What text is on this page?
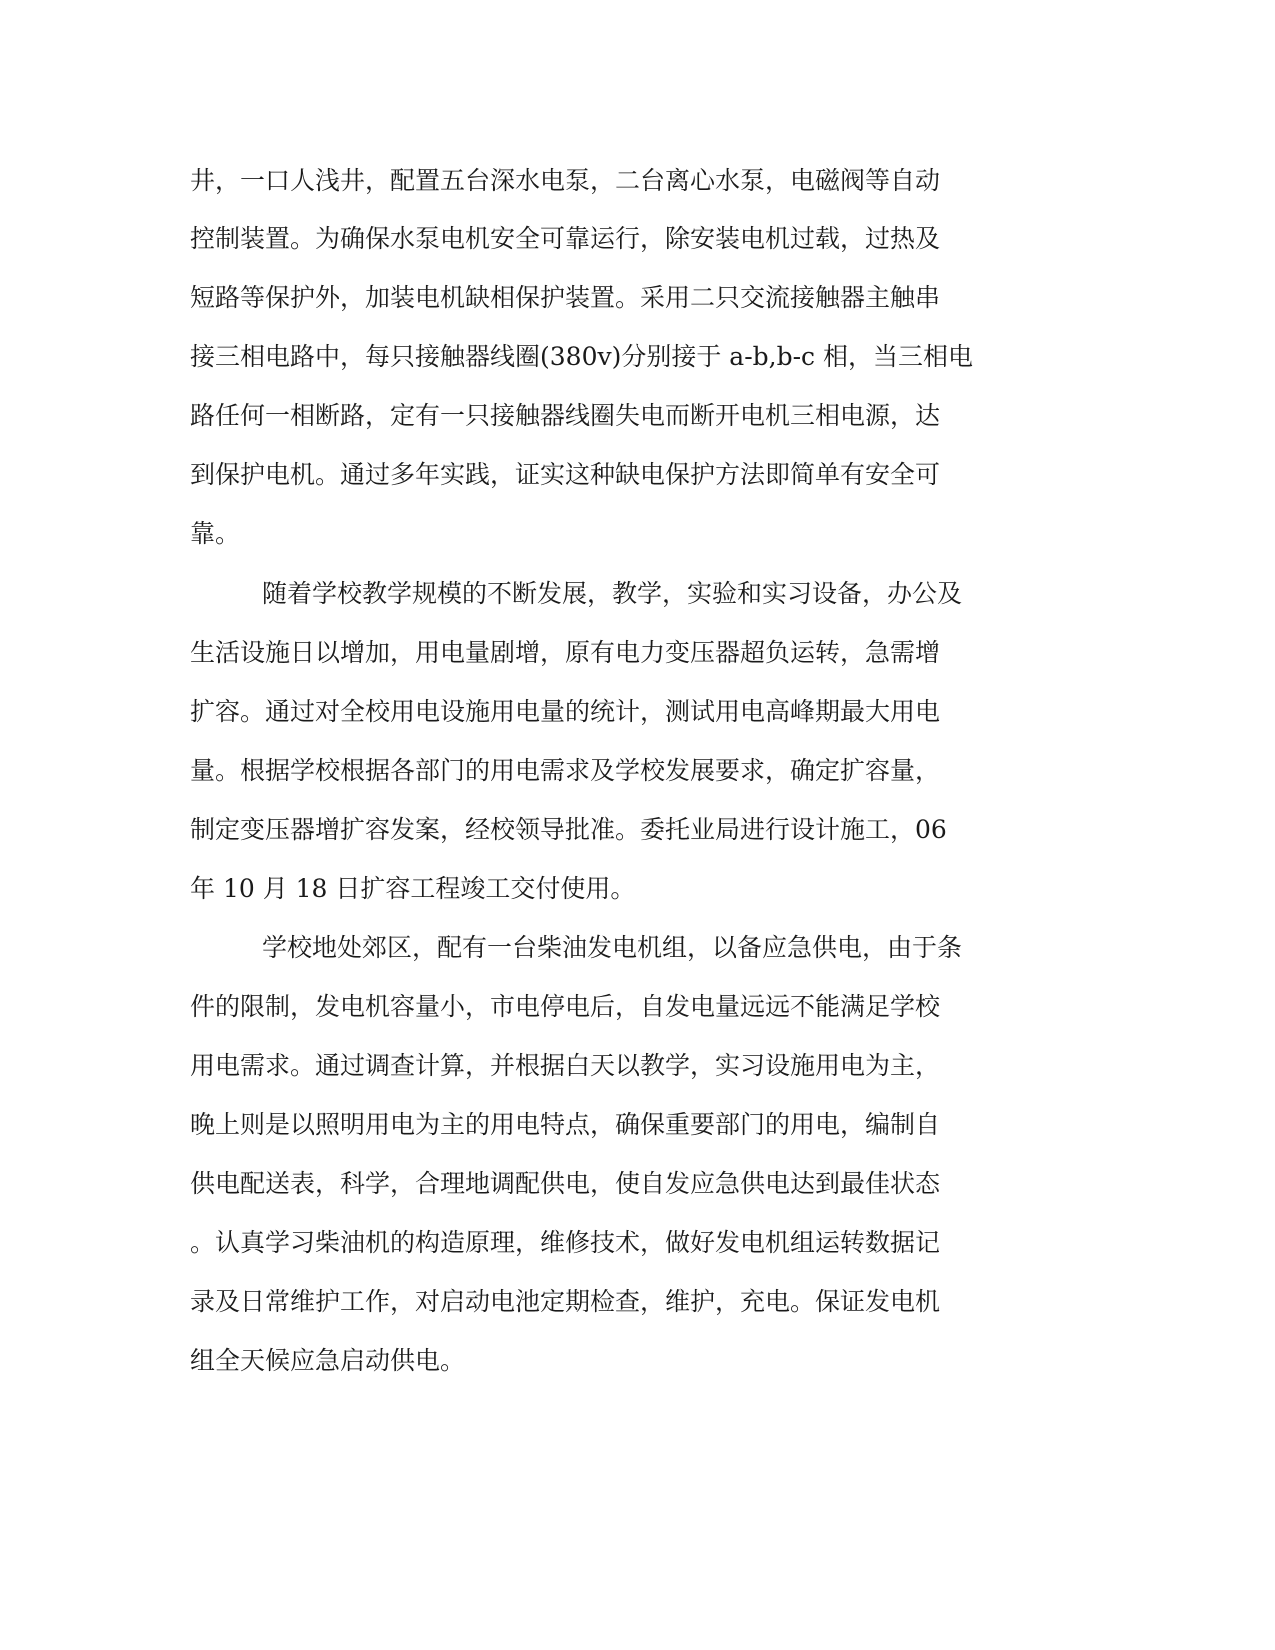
井，一口人浅井，配置五台深水电泵，二台离心水泵，电磁阀等自动
控制装置。为确保水泵电机安全可靠运行，除安装电机过载，过热及
短路等保护外，加装电机缺相保护装置。采用二只交流接触器主触串
接三相电路中，每只接触器线圈(380v)分别接于 a-b,b-c 相，当三相电
路任何一相断路，定有一只接触器线圈失电而断开电机三相电源，达
到保护电机。通过多年实践，证实这种缺电保护方法即简单有安全可
靠。
随着学校教学规模的不断发展，教学，实验和实习设备，办公及
生活设施日以增加，用电量剧增，原有电力变压器超负运转，急需增
扩容。通过对全校用电设施用电量的统计，测试用电高峰期最大用电
量。根据学校根据各部门的用电需求及学校发展要求，确定扩容量，
制定变压器增扩容发案，经校领导批准。委托业局进行设计施工，06
年 10 月 18 日扩容工程竣工交付使用。
学校地处郊区，配有一台柴油发电机组，以备应急供电，由于条
件的限制，发电机容量小，市电停电后，自发电量远远不能满足学校
用电需求。通过调查计算，并根据白天以教学，实习设施用电为主，
晚上则是以照明用电为主的用电特点，确保重要部门的用电，编制自
供电配送表，科学，合理地调配供电，使自发应急供电达到最佳状态
。认真学习柴油机的构造原理，维修技术，做好发电机组运转数据记
录及日常维护工作，对启动电池定期检查，维护，充电。保证发电机
组全天候应急启动供电。
